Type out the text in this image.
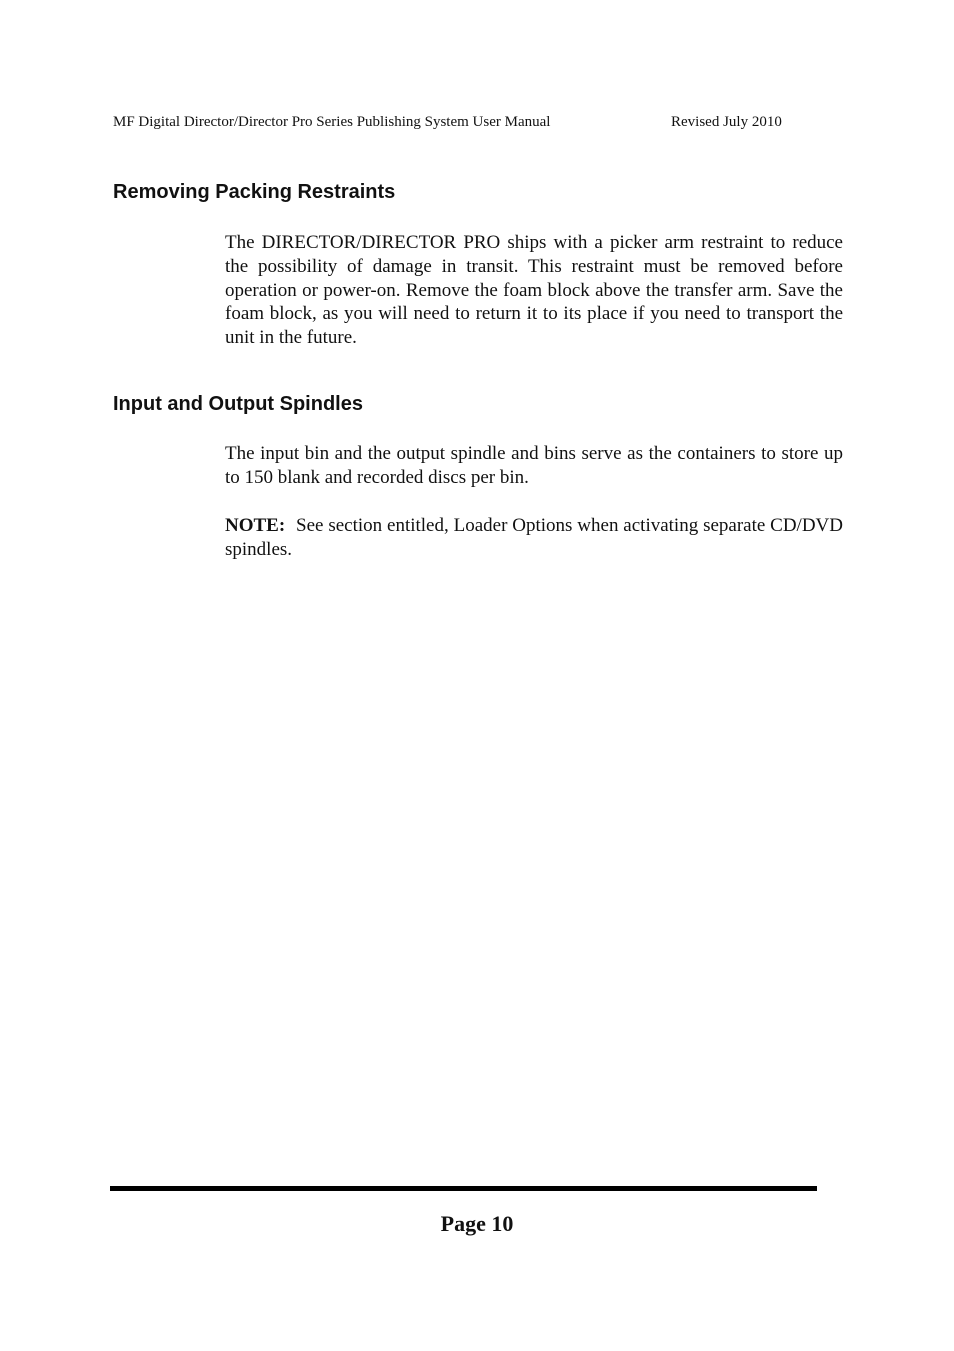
MF Digital Director/Director Pro Series Publishing System User Manual	Revised July 2010
Removing Packing Restraints

The DIRECTOR/DIRECTOR PRO ships with a picker arm restraint to reduce the possibility of damage in transit. This restraint must be removed before operation or power-on. Remove the foam block above the transfer arm. Save the foam block, as you will need to return it to its place if you need to transport the unit in the future.

Input and Output Spindles

The input bin and the output spindle and bins serve as the containers to store up to 150 blank and recorded discs per bin.

NOTE: See section entitled, Loader Options when activating separate CD/DVD spindles.

Page 10
